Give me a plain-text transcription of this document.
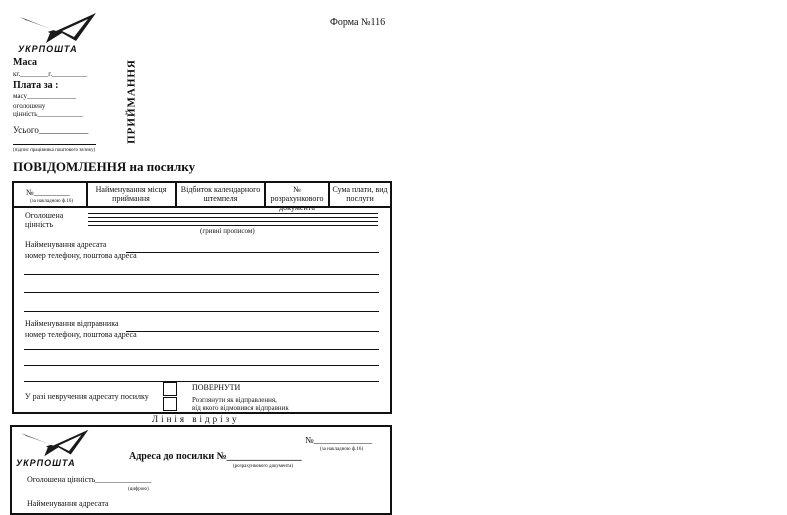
УКРПОШТА
Форма №116
Маса
кг.________г.__________
Плата за :
масу______________
оголошену
цінність_____________
Усього___________
(підпис працівника поштового зв'язку)
ПРИЙМАННЯ
ПОВІДОМЛЕННЯ на посилку
№_________
(за накладною ф.16)
Найменування місця приймання
Відбиток календарного штемпеля
№ розрахункового документа
Сума плати, вид послуги
Оголошена цінність
(гривні прописом)
Найменування адресата
номер телефону, поштова адреса
Найменування відправника
номер телефону, поштова адреса
У разі невручення адресату посилку
ПОВЕРНУТИ
Розглянути як відправлення,
від якого відмовився відправник
Лінія відрізу
УКРПОШТА
№_____________
(за накладною ф.16)
Адреса до посилки №_______________
(розрахункового документа)
Оголошена цінність______________
(цифрою)
Найменування адресата
